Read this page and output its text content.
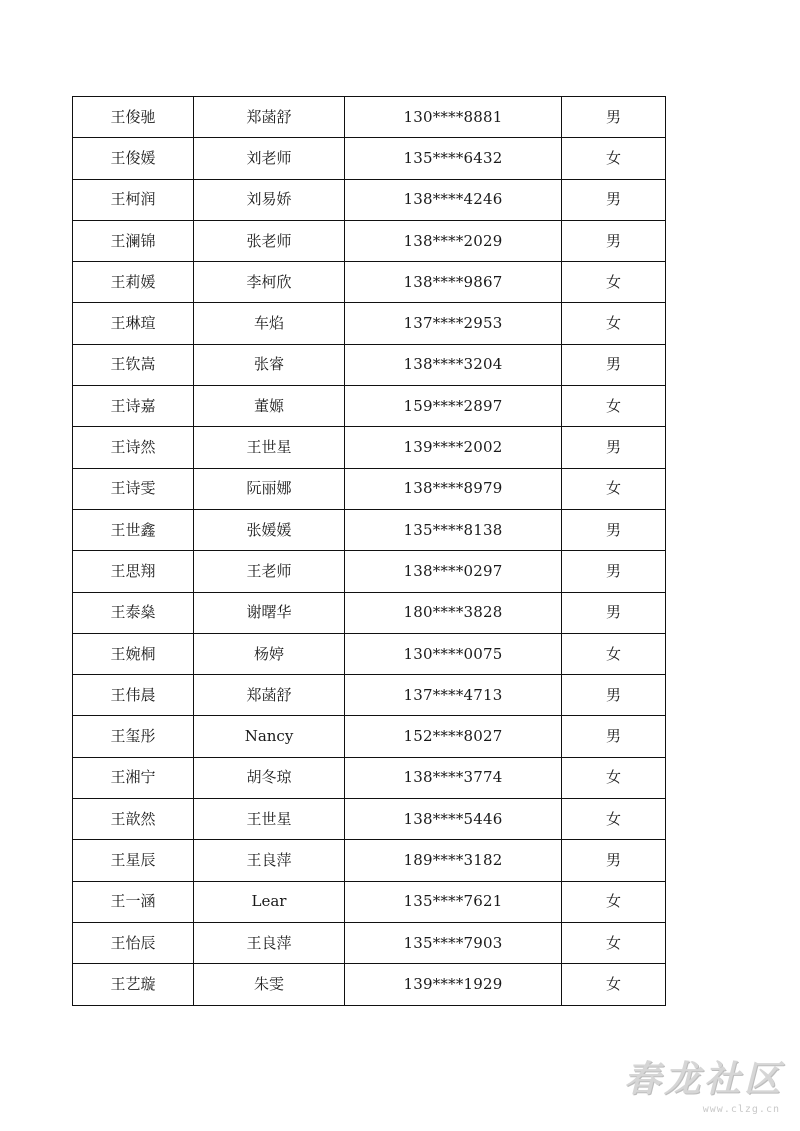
王俊驰	郑菡舒	130****8881	男
王俊媛	刘老师	135****6432	女
王柯润	刘易娇	138****4246	男
王澜锦	张老师	138****2029	男
王莉媛	李柯欣	138****9867	女
王琳瑄	车焰	137****2953	女
王钦嵩	张睿	138****3204	男
王诗嘉	董嫄	159****2897	女
王诗然	王世星	139****2002	男
王诗雯	阮丽娜	138****8979	女
王世鑫	张媛媛	135****8138	男
王思翔	王老师	138****0297	男
王泰燊	谢曙华	180****3828	男
王婉桐	杨婷	130****0075	女
王伟晨	郑菡舒	137****4713	男
王玺彤	Nancy	152****8027	男
王湘宁	胡冬琼	138****3774	女
王歆然	王世星	138****5446	女
王星辰	王良萍	189****3182	男
王一涵	Lear	135****7621	女
王怡辰	王良萍	135****7903	女
王艺璇	朱雯	139****1929	女
春龙社区
www.clzg.cn
